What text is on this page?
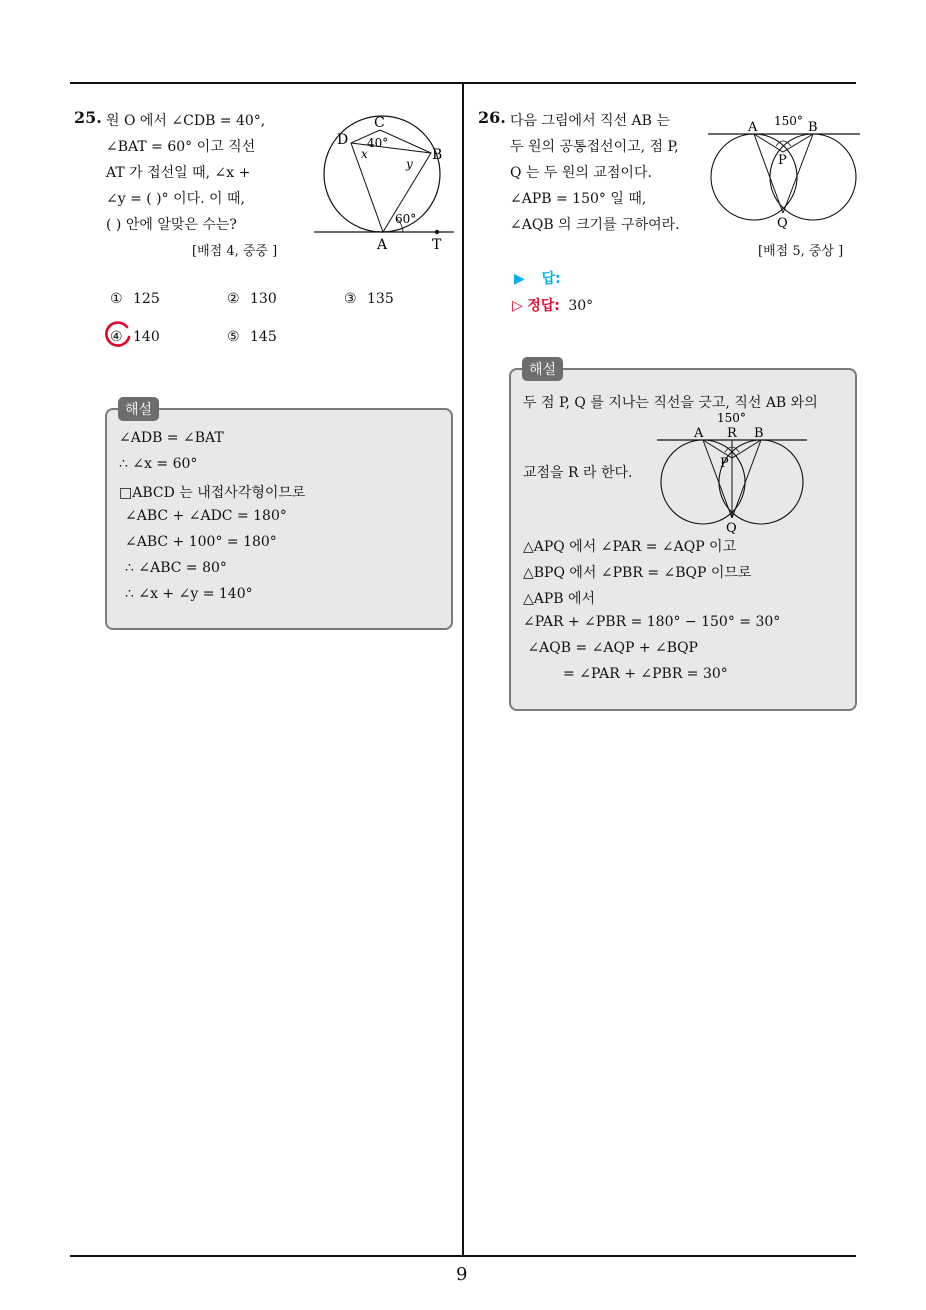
25. 원 O 에서 ∠CDB = 40°,
∠BAT = 60° 이고 직선
AT 가 접선일 때, ∠x +
∠y = ( )° 이다. 이 때,
( ) 안에 알맞은 수는?
[배점 4, 중중 ]
C
D
B
A	T
40°
60°
x
y
① 125	② 130	③ 135
④ 140	⑤ 145
∠ADB = ∠BAT
∴ ∠x = 60°
□ABCD 는 내접사각형이므로
∠ABC + ∠ADC = 180°
∠ABC + 100° = 180°
∴ ∠ABC = 80°
∴ ∠x + ∠y = 140°
해설
26. 다음 그림에서 직선 AB 는
두 원의 공통접선이고, 점 P,
Q 는 두 원의 교점이다.
∠APB = 150° 일 때,
∠AQB 의 크기를 구하여라.
[배점 5, 중상 ]
A	B
150°
P
Q
▶ 답:
▷ 정답: 30°
두 점 P, Q 를 지나는 직선을 긋고, 직선 AB 와의
교점을 R 라 한다.
150°
A R B
P
Q
△APQ 에서 ∠PAR = ∠AQP 이고
△BPQ 에서 ∠PBR = ∠BQP 이므로
△APB 에서
∠PAR + ∠PBR = 180° − 150° = 30°
∠AQB = ∠AQP + ∠BQP
= ∠PAR + ∠PBR = 30°
해설
9
